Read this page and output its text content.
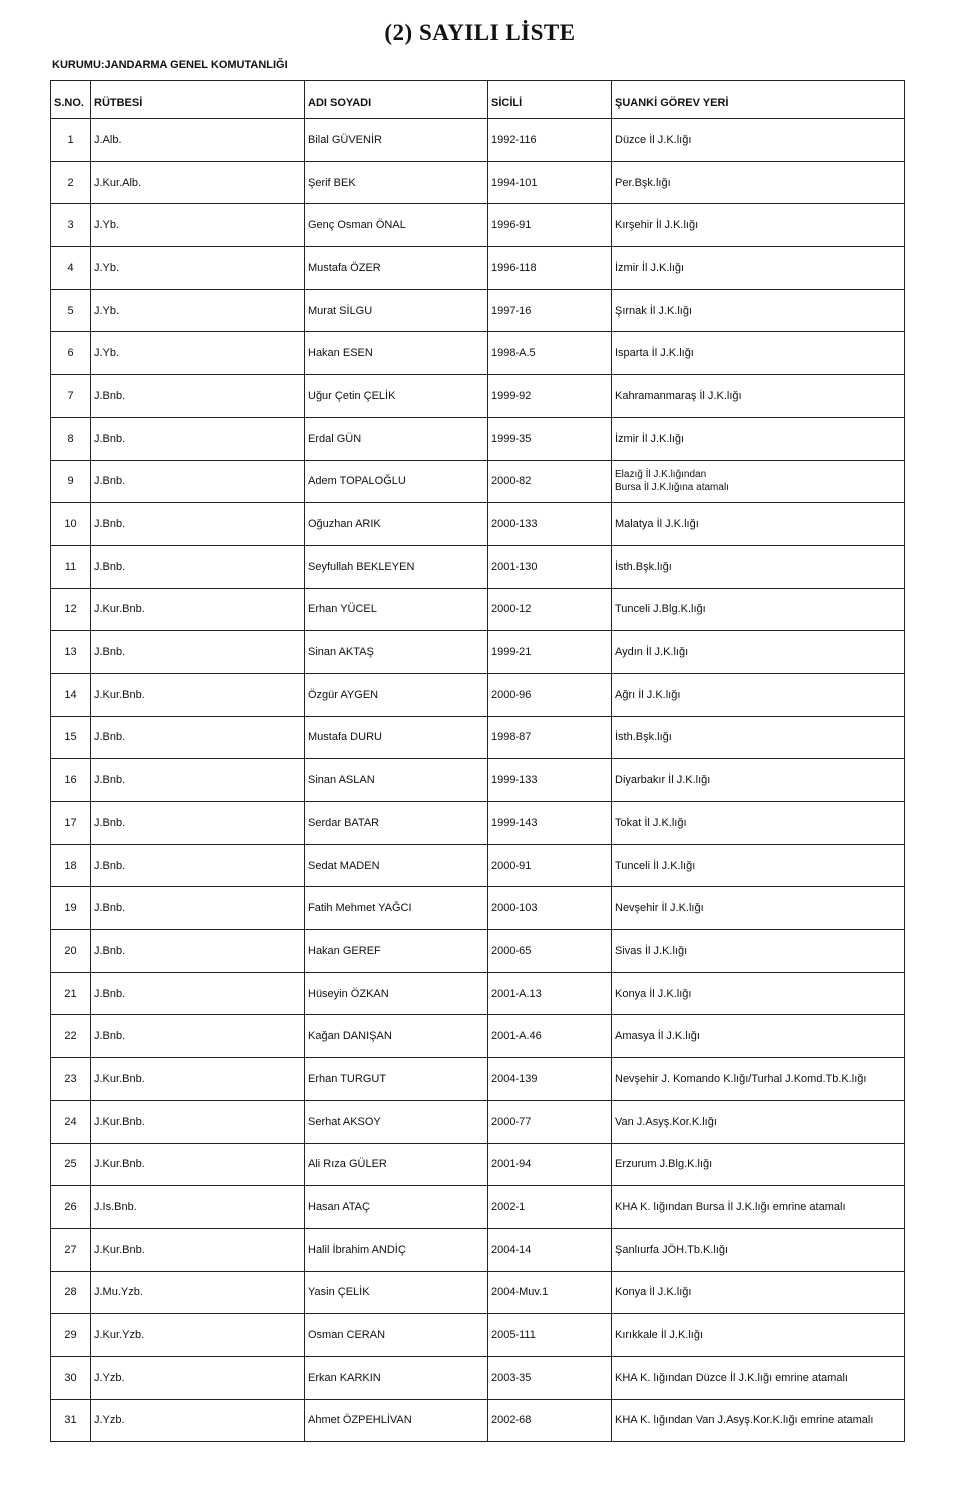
(2) SAYILI LİSTE
KURUMU:JANDARMA GENEL KOMUTANLIĞI
S.NO.	RÜTBESİ	ADI SOYADI	SİCİLİ	ŞUANKİ GÖREV YERİ
1	J.Alb.	Bilal GÜVENİR	1992-116	Düzce İl J.K.lığı
2	J.Kur.Alb.	Şerif BEK	1994-101	Per.Bşk.lığı
3	J.Yb.	Genç Osman ÖNAL	1996-91	Kırşehir İl J.K.lığı
4	J.Yb.	Mustafa ÖZER	1996-118	İzmir İl J.K.lığı
5	J.Yb.	Murat SİLGU	1997-16	Şırnak İl J.K.lığı
6	J.Yb.	Hakan ESEN	1998-A.5	Isparta İl J.K.lığı
7	J.Bnb.	Uğur Çetin ÇELİK	1999-92	Kahramanmaraş İl J.K.lığı
8	J.Bnb.	Erdal GÜN	1999-35	İzmir İl J.K.lığı
9	J.Bnb.	Adem TOPALOĞLU	2000-82	Elazığ İl J.K.lığından
Bursa İl J.K.lığına atamalı

10	J.Bnb.	Oğuzhan ARIK	2000-133	Malatya İl J.K.lığı
11	J.Bnb.	Seyfullah BEKLEYEN	2001-130	İsth.Bşk.lığı
12	J.Kur.Bnb.	Erhan YÜCEL	2000-12	Tunceli J.Blg.K.lığı
13	J.Bnb.	Sinan AKTAŞ	1999-21	Aydın İl J.K.lığı
14	J.Kur.Bnb.	Özgür AYGEN	2000-96	Ağrı İl J.K.lığı
15	J.Bnb.	Mustafa DURU	1998-87	İsth.Bşk.lığı
16	J.Bnb.	Sinan ASLAN	1999-133	Diyarbakır İl J.K.lığı
17	J.Bnb.	Serdar BATAR	1999-143	Tokat İl J.K.lığı
18	J.Bnb.	Sedat MADEN	2000-91	Tunceli İl J.K.lığı
19	J.Bnb.	Fatih Mehmet YAĞCI	2000-103	Nevşehir İl J.K.lığı
20	J.Bnb.	Hakan GEREF	2000-65	Sivas İl J.K.lığı
21	J.Bnb.	Hüseyin ÖZKAN	2001-A.13	Konya İl J.K.lığı
22	J.Bnb.	Kağan DANIŞAN	2001-A.46	Amasya İl J.K.lığı
23	J.Kur.Bnb.	Erhan TURGUT	2004-139	Nevşehir J. Komando K.lığı/Turhal J.Komd.Tb.K.lığı
24	J.Kur.Bnb.	Serhat AKSOY	2000-77	Van J.Asyş.Kor.K.lığı
25	J.Kur.Bnb.	Ali Rıza GÜLER	2001-94	Erzurum J.Blg.K.lığı
26	J.Is.Bnb.	Hasan ATAÇ	2002-1	KHA K. lığından Bursa İl J.K.lığı emrine atamalı
27	J.Kur.Bnb.	Halil İbrahim ANDİÇ	2004-14	Şanlıurfa JÖH.Tb.K.lığı
28	J.Mu.Yzb.	Yasin ÇELİK	2004-Muv.1	Konya İl J.K.lığı
29	J.Kur.Yzb.	Osman CERAN	2005-111	Kırıkkale İl J.K.lığı
30	J.Yzb.	Erkan KARKIN	2003-35	KHA K. lığından Düzce İl J.K.lığı emrine atamalı
31	J.Yzb.	Ahmet ÖZPEHLİVAN	2002-68	KHA K. lığından Van J.Asyş.Kor.K.lığı emrine atamalı
